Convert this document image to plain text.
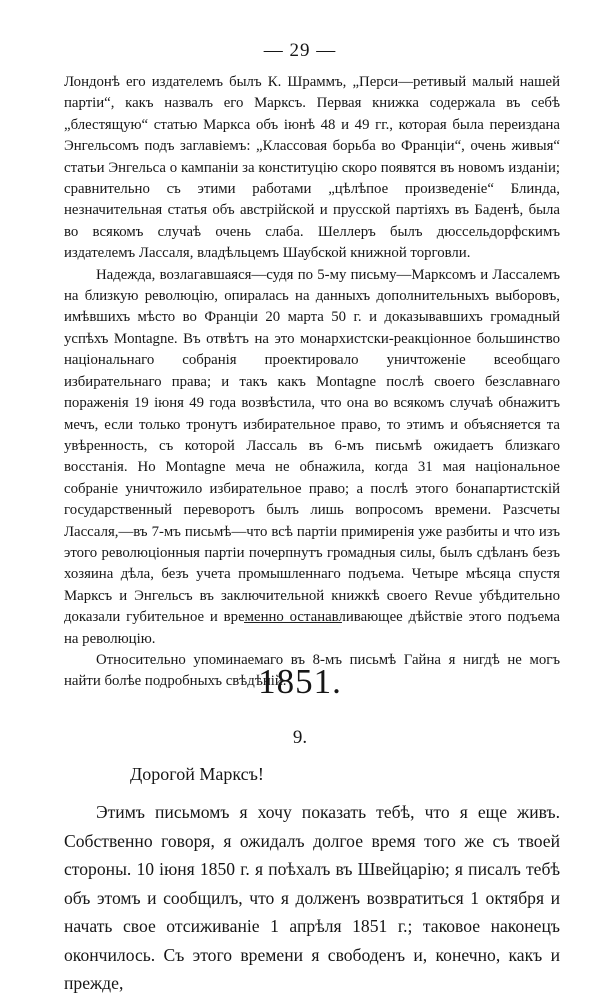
— 29 —

Лондонѣ его издателемъ былъ К. Шраммъ, „Перси—ретивый малый нашей партіи“, какъ назвалъ его Марксъ. Первая книжка содержала въ себѣ „блестящую“ статью Маркса объ іюнѣ 48 и 49 гг., которая была переиздана Энгельсомъ подъ заглавіемъ: „Классовая борьба во Франціи“, очень живыя“ статьи Энгельса о кампаніи за конституцію скоро появятся въ новомъ изданіи; сравнительно съ этими работами „цѣлѣпое произведеніе“ Блинда, незначительная статья объ австрійской и прусской партіяхъ въ Баденѣ, была во всякомъ случаѣ очень слаба. Шеллеръ былъ дюссельдорфскимъ издателемъ Лассаля, владѣльцемъ Шаубской книжной торговли.

Надежда, возлагавшаяся—судя по 5-му письму—Марксомъ и Лассалемъ на близкую революцію, опиралась на данныхъ дополнительныхъ выборовъ, имѣвшихъ мѣсто во Франціи 20 марта 50 г. и доказывавшихъ громадный успѣхъ Montagne. Въ отвѣтъ на это монархистски-реакціонное большинство національнаго собранія проектировало уничтоженіе всеобщаго избирательнаго права; и такъ какъ Montagne послѣ своего безславнаго пораженія 19 іюня 49 года возвѣстила, что она во всякомъ случаѣ обнажитъ мечъ, если только тронутъ избирательное право, то этимъ и объясняется та увѣренность, съ которой Лассаль въ 6-мъ письмѣ ожидаетъ близкаго восстанія. Но Montagne меча не обнажила, когда 31 мая національное собраніе уничтожило избирательное право; а послѣ этого бонапартистскій государственный переворотъ былъ лишь вопросомъ времени. Разсчеты Лассаля,—въ 7-мъ письмѣ—что всѣ партіи примиренія уже разбиты и что изъ этого революціонныя партіи почерпнутъ громадныя силы, былъ сдѣланъ безъ хозяина дѣла, безъ учета промышленнаго подъема. Четыре мѣсяца спустя Марксъ и Энгельсъ въ заключительной книжкѣ своего Revue убѣдительно доказали губительное и временно останавливающее дѣйствіе этого подъема на революцію.

Относительно упоминаемаго въ 8-мъ письмѣ Гайна я нигдѣ не могъ найти болѣе подробныхъ свѣдѣній.

1851.
9.
Дорогой Марксъ!

Этимъ письмомъ я хочу показать тебѣ, что я еще живъ. Собственно говоря, я ожидалъ долгое время того же съ твоей стороны. 10 іюня 1850 г. я поѣхалъ въ Швейцарію; я писалъ тебѣ объ этомъ и сообщилъ, что я долженъ возвратиться 1 октября и начать свое отсиживаніе 1 апрѣля 1851 г.; таковое наконецъ окончилось. Съ этого времени я свободенъ и, конечно, какъ и прежде,
